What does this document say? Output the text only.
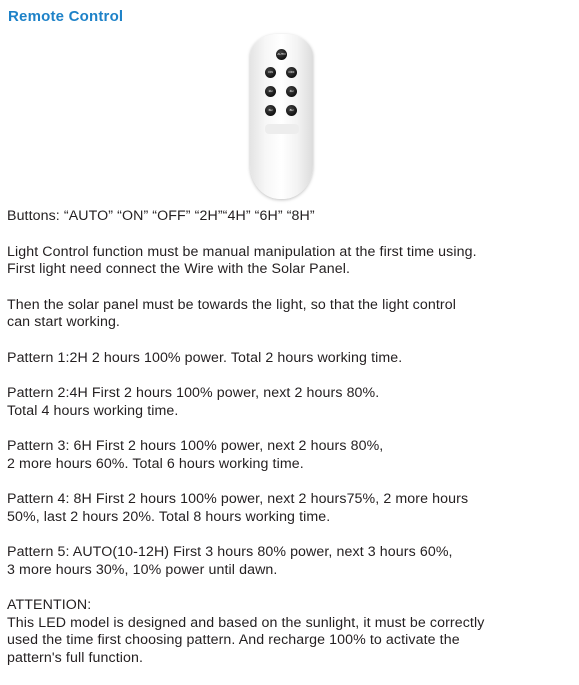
Remote Control
AUTO
ON	OFF
2H	4H
6H	8H

Buttons: “AUTO” “ON” “OFF” “2H”“4H” “6H” “8H”

Light Control function must be manual manipulation at the first time using.
First light need connect the Wire with the Solar Panel.

Then the solar panel must be towards the light, so that the light control
can start working.

Pattern 1:2H 2 hours 100% power. Total 2 hours working time.

Pattern 2:4H First 2 hours 100% power, next 2 hours 80%.
Total 4 hours working time.

Pattern 3: 6H First 2 hours 100% power, next 2 hours 80%,
2 more hours 60%. Total 6 hours working time.

Pattern 4: 8H First 2 hours 100% power, next 2 hours75%, 2 more hours
50%, last 2 hours 20%. Total 8 hours working time.

Pattern 5: AUTO(10-12H) First 3 hours 80% power, next 3 hours 60%,
3 more hours 30%, 10% power until dawn.

ATTENTION:
This LED model is designed and based on the sunlight, it must be correctly
used the time first choosing pattern. And recharge 100% to activate the
pattern's full function.
